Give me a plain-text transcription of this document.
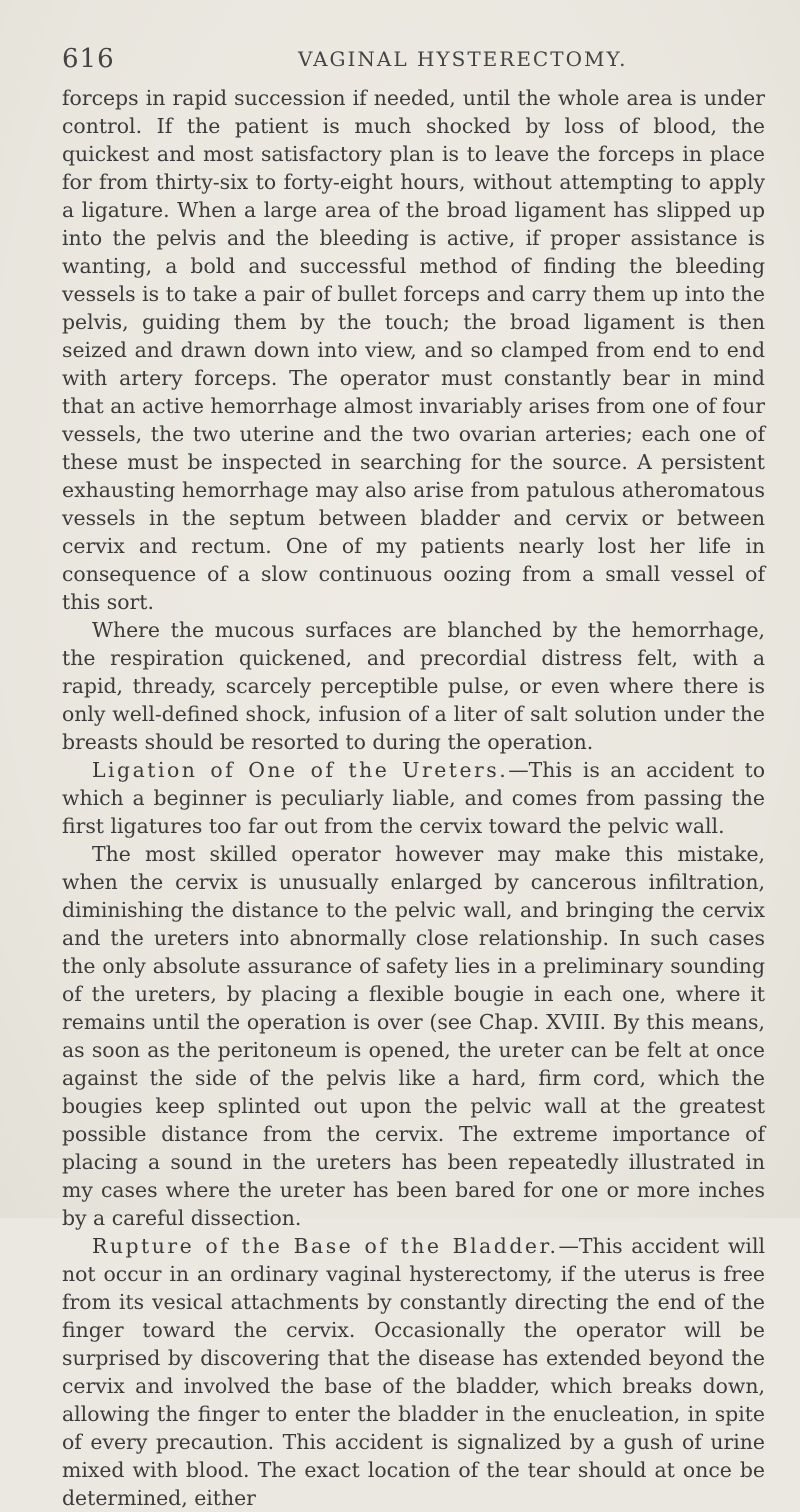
616	VAGINAL HYSTERECTOMY.

forceps in rapid succession if needed, until the whole area is under control. If the patient is much shocked by loss of blood, the quickest and most satisfactory plan is to leave the forceps in place for from thirty-six to forty-eight hours, without attempting to apply a ligature. When a large area of the broad ligament has slipped up into the pelvis and the bleeding is active, if proper assistance is wanting, a bold and successful method of finding the bleeding vessels is to take a pair of bullet forceps and carry them up into the pelvis, guiding them by the touch; the broad ligament is then seized and drawn down into view, and so clamped from end to end with artery forceps. The operator must constantly bear in mind that an active hemorrhage almost invariably arises from one of four vessels, the two uterine and the two ovarian arteries; each one of these must be inspected in searching for the source. A persistent exhausting hemorrhage may also arise from patulous atheromatous vessels in the septum between bladder and cervix or between cervix and rectum. One of my patients nearly lost her life in consequence of a slow continuous oozing from a small vessel of this sort.

Where the mucous surfaces are blanched by the hemorrhage, the respiration quickened, and precordial distress felt, with a rapid, thready, scarcely perceptible pulse, or even where there is only well-defined shock, infusion of a liter of salt solution under the breasts should be resorted to during the operation.

Ligation of One of the Ureters.—This is an accident to which a beginner is peculiarly liable, and comes from passing the first ligatures too far out from the cervix toward the pelvic wall.

The most skilled operator however may make this mistake, when the cervix is unusually enlarged by cancerous infiltration, diminishing the distance to the pelvic wall, and bringing the cervix and the ureters into abnormally close relationship. In such cases the only absolute assurance of safety lies in a preliminary sounding of the ureters, by placing a flexible bougie in each one, where it remains until the operation is over (see Chap. XVIII. By this means, as soon as the peritoneum is opened, the ureter can be felt at once against the side of the pelvis like a hard, firm cord, which the bougies keep splinted out upon the pelvic wall at the greatest possible distance from the cervix. The extreme importance of placing a sound in the ureters has been repeatedly illustrated in my cases where the ureter has been bared for one or more inches by a careful dissection.

Rupture of the Base of the Bladder.—This accident will not occur in an ordinary vaginal hysterectomy, if the uterus is free from its vesical attachments by constantly directing the end of the finger toward the cervix. Occasionally the operator will be surprised by discovering that the disease has extended beyond the cervix and involved the base of the bladder, which breaks down, allowing the finger to enter the bladder in the enucleation, in spite of every precaution. This accident is signalized by a gush of urine mixed with blood. The exact location of the tear should at once be determined, either
